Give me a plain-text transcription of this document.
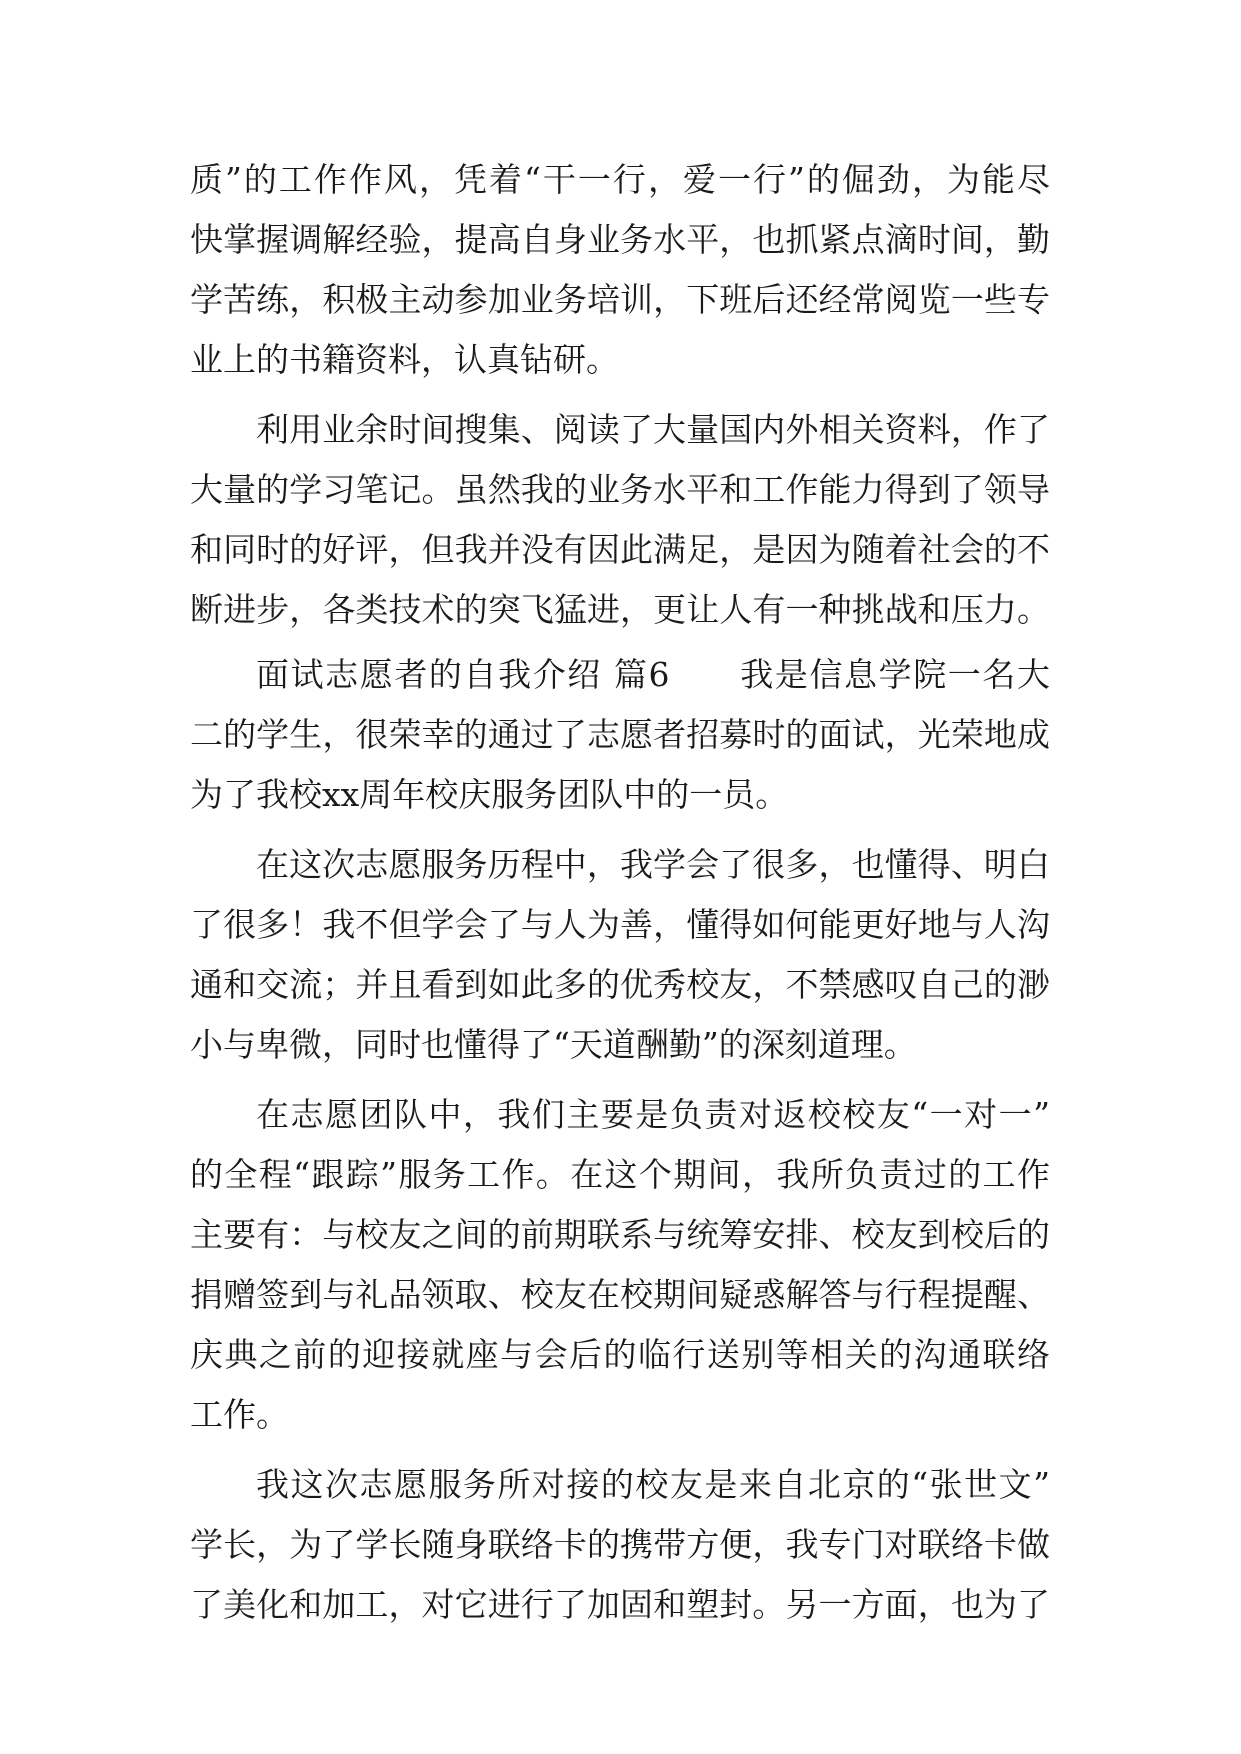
质”的工作作风，凭着“干一行，爱一行”的倔劲，为能尽
快掌握调解经验，提高自身业务水平，也抓紧点滴时间，勤
学苦练，积极主动参加业务培训，下班后还经常阅览一些专
业上的书籍资料，认真钻研。
利用业余时间搜集、阅读了大量国内外相关资料，作了
大量的学习笔记。虽然我的业务水平和工作能力得到了领导
和同时的好评，但我并没有因此满足，是因为随着社会的不
断进步，各类技术的突飞猛进，更让人有一种挑战和压力。
面试志愿者的自我介绍 篇6　　我是信息学院一名大
二的学生，很荣幸的通过了志愿者招募时的面试，光荣地成
为了我校xx周年校庆服务团队中的一员。
在这次志愿服务历程中，我学会了很多，也懂得、明白
了很多！我不但学会了与人为善，懂得如何能更好地与人沟
通和交流；并且看到如此多的优秀校友，不禁感叹自己的渺
小与卑微，同时也懂得了“天道酬勤”的深刻道理。
在志愿团队中，我们主要是负责对返校校友“一对一”
的全程“跟踪”服务工作。在这个期间，我所负责过的工作
主要有：与校友之间的前期联系与统筹安排、校友到校后的
捐赠签到与礼品领取、校友在校期间疑惑解答与行程提醒、
庆典之前的迎接就座与会后的临行送别等相关的沟通联络
工作。
我这次志愿服务所对接的校友是来自北京的“张世文”
学长，为了学长随身联络卡的携带方便，我专门对联络卡做
了美化和加工，对它进行了加固和塑封。另一方面，也为了
